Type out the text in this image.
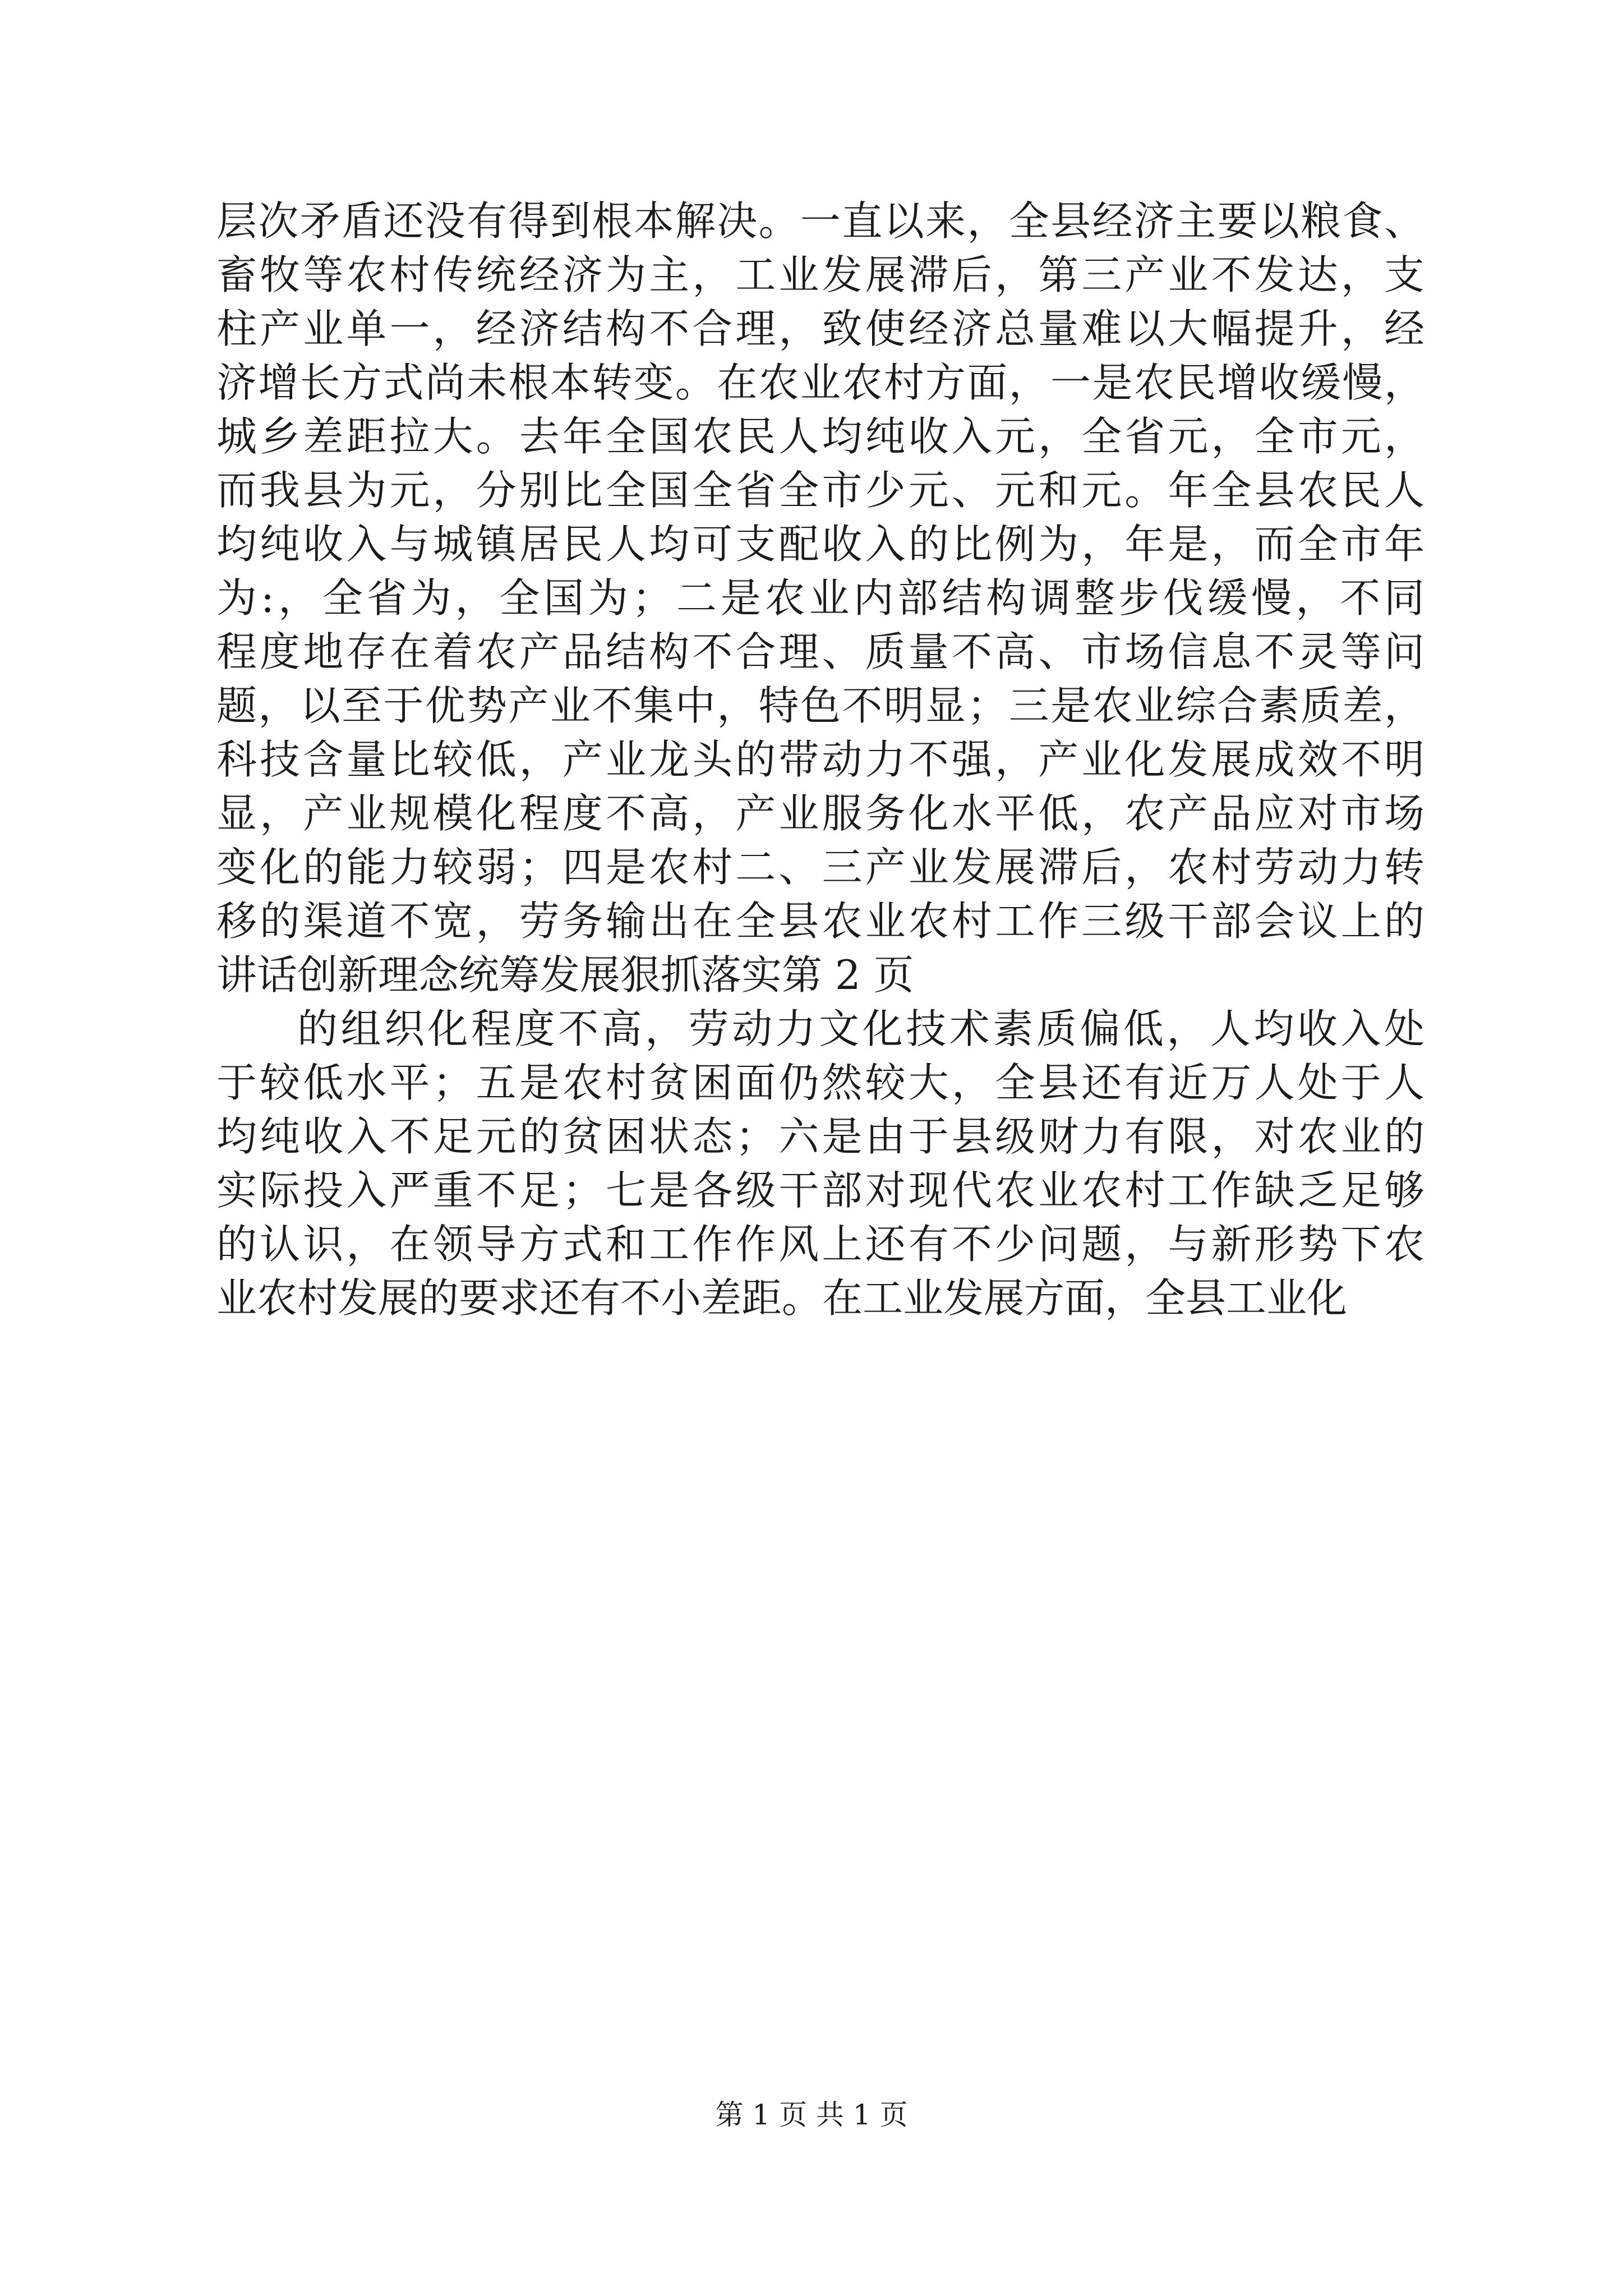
层次矛盾还没有得到根本解决。一直以来，全县经济主要以粮食、
畜牧等农村传统经济为主，工业发展滞后，第三产业不发达，支
柱产业单一，经济结构不合理，致使经济总量难以大幅提升，经
济增长方式尚未根本转变。在农业农村方面，一是农民增收缓慢，
城乡差距拉大。去年全国农民人均纯收入元，全省元，全市元，
而我县为元，分别比全国全省全市少元、元和元。年全县农民人
均纯收入与城镇居民人均可支配收入的比例为，年是，而全市年
为:，全省为，全国为；二是农业内部结构调整步伐缓慢，不同
程度地存在着农产品结构不合理、质量不高、市场信息不灵等问
题，以至于优势产业不集中，特色不明显；三是农业综合素质差，
科技含量比较低，产业龙头的带动力不强，产业化发展成效不明
显，产业规模化程度不高，产业服务化水平低，农产品应对市场
变化的能力较弱；四是农村二、三产业发展滞后，农村劳动力转
移的渠道不宽，劳务输出在全县农业农村工作三级干部会议上的
讲话创新理念统筹发展狠抓落实第 2 页
的组织化程度不高，劳动力文化技术素质偏低，人均收入处
于较低水平；五是农村贫困面仍然较大，全县还有近万人处于人
均纯收入不足元的贫困状态；六是由于县级财力有限，对农业的
实际投入严重不足；七是各级干部对现代农业农村工作缺乏足够
的认识，在领导方式和工作作风上还有不少问题，与新形势下农
业农村发展的要求还有不小差距。在工业发展方面，全县工业化
第 1 页 共 1 页
